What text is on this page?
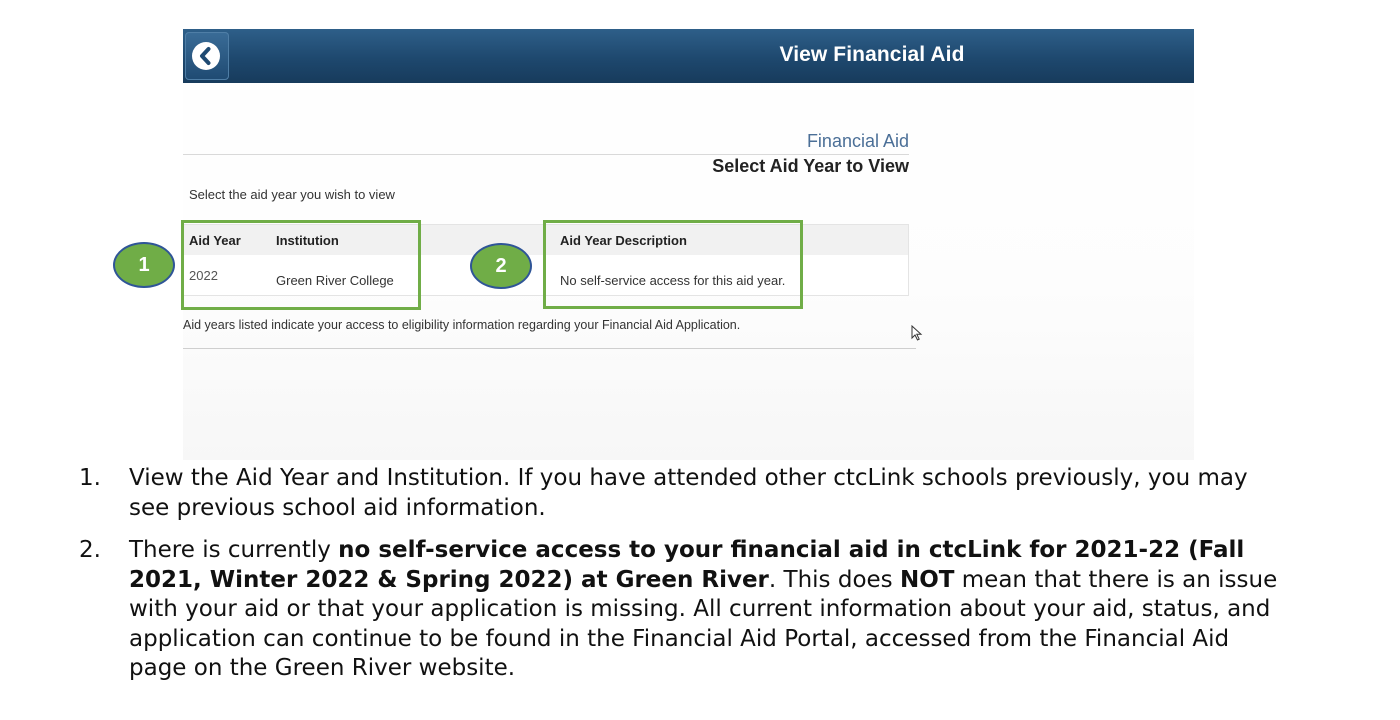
View Financial Aid
Financial Aid
Select Aid Year to View
Select the aid year you wish to view
Aid Year	Institution	Aid Year Description
2022	Green River College	No self-service access for this aid year.
Aid years listed indicate your access to eligibility information regarding your Financial Aid Application.
1	2
1. View the Aid Year and Institution. If you have attended other ctcLink schools previously, you may see previous school aid information.
2. There is currently no self-service access to your financial aid in ctcLink for 2021-22 (Fall 2021, Winter 2022 & Spring 2022) at Green River. This does NOT mean that there is an issue with your aid or that your application is missing. All current information about your aid, status, and application can continue to be found in the Financial Aid Portal, accessed from the Financial Aid page on the Green River website.
